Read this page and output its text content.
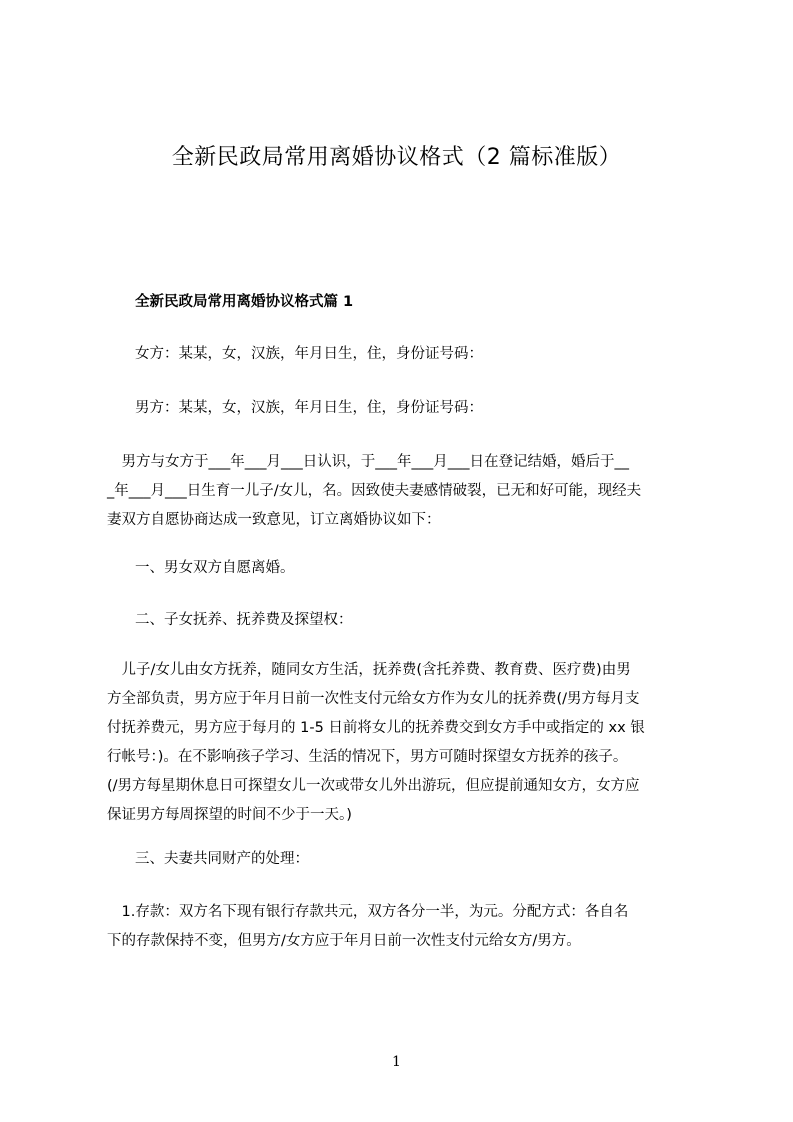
全新民政局常用离婚协议格式（2 篇标准版）
全新民政局常用离婚协议格式篇 1
女方：某某，女，汉族，年月日生，住，身份证号码：
男方：某某，女，汉族，年月日生，住，身份证号码：
　男方与女方于___年___月___日认识，于___年___月___日在登记结婚，婚后于__
_年___月___日生育一儿子/女儿，名。因致使夫妻感情破裂，已无和好可能，现经夫
妻双方自愿协商达成一致意见，订立离婚协议如下：
一、男女双方自愿离婚。
二、子女抚养、抚养费及探望权：
　儿子/女儿由女方抚养，随同女方生活，抚养费(含托养费、教育费、医疗费)由男
方全部负责，男方应于年月日前一次性支付元给女方作为女儿的抚养费(/男方每月支
付抚养费元，男方应于每月的 1-5 日前将女儿的抚养费交到女方手中或指定的 xx 银
行帐号：)。在不影响孩子学习、生活的情况下，男方可随时探望女方抚养的孩子。
(/男方每星期休息日可探望女儿一次或带女儿外出游玩，但应提前通知女方，女方应
保证男方每周探望的时间不少于一天。)
三、夫妻共同财产的处理：
　1.存款：双方名下现有银行存款共元，双方各分一半，为元。分配方式：各自名
下的存款保持不变，但男方/女方应于年月日前一次性支付元给女方/男方。
1
